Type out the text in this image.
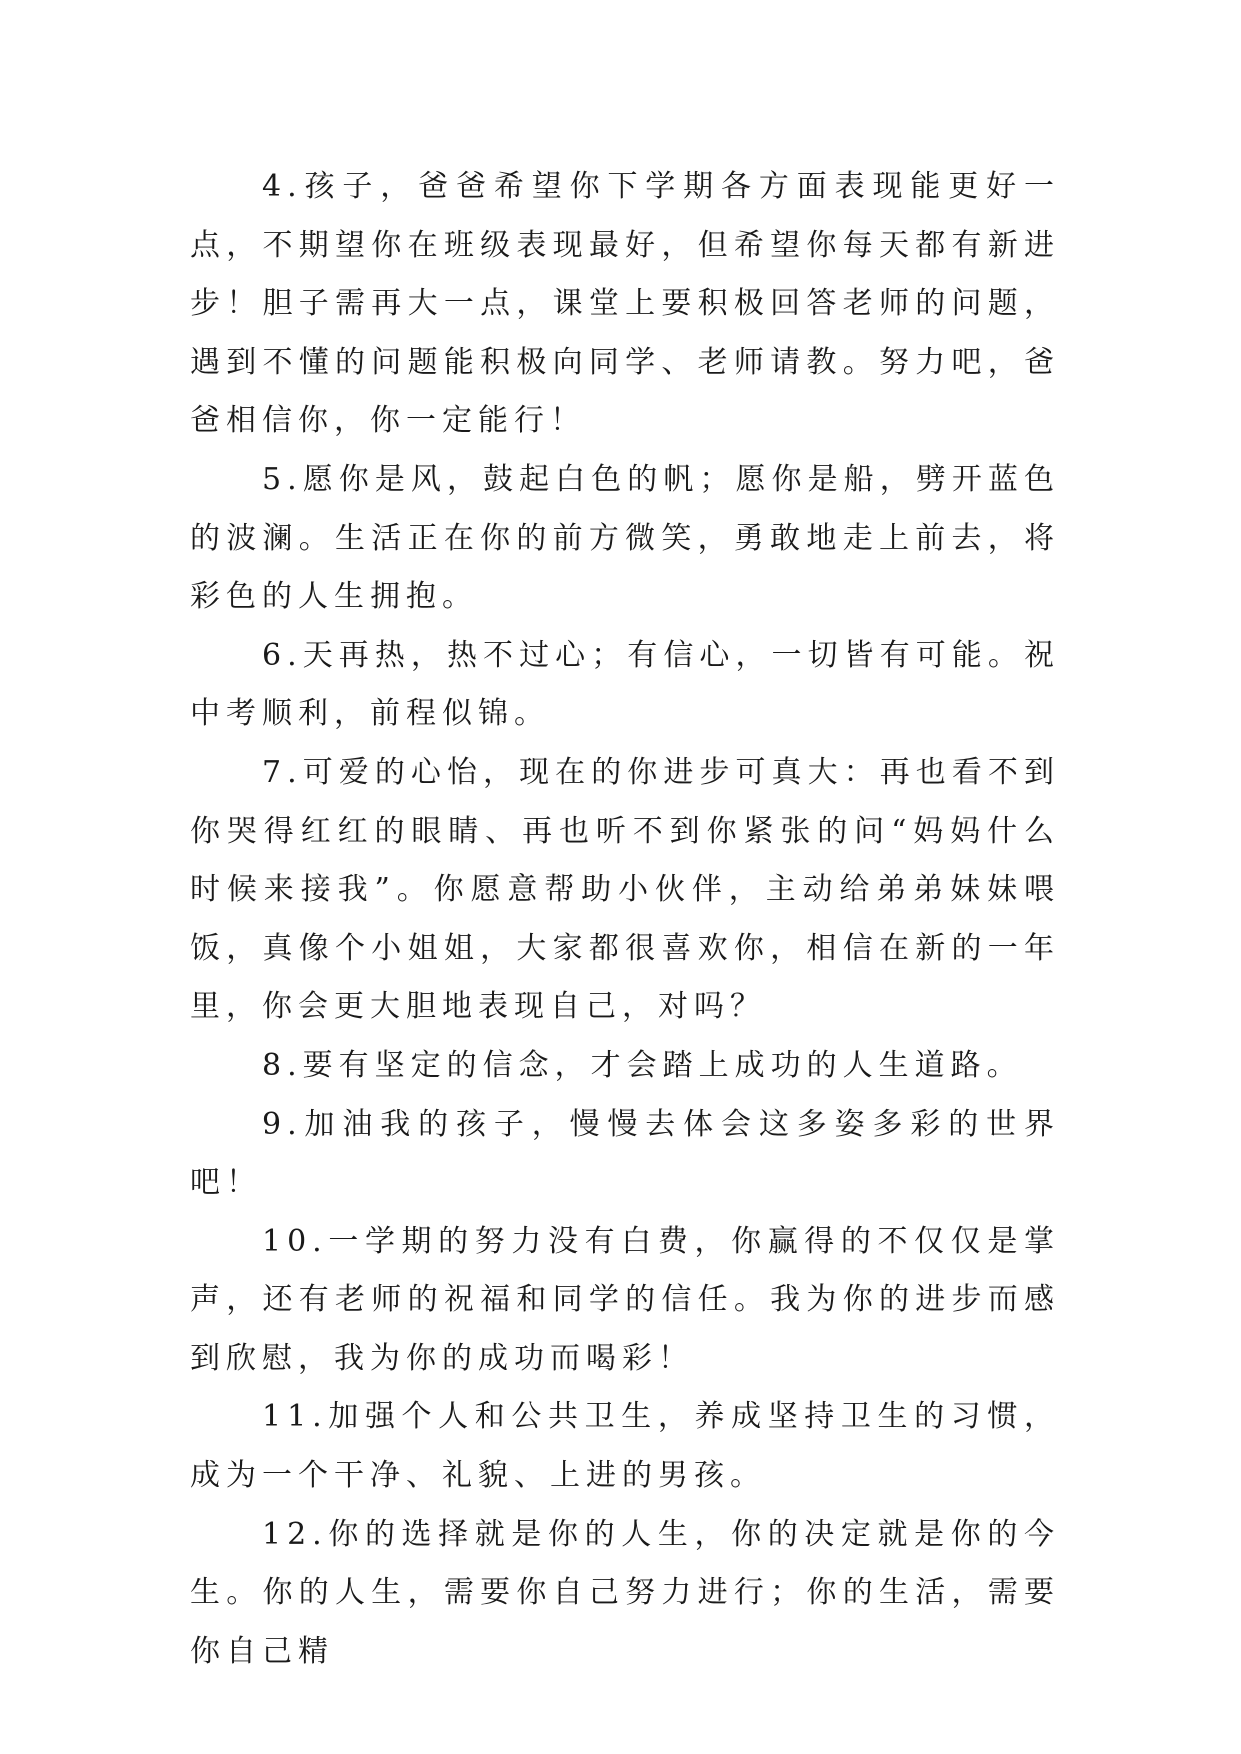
4.孩子，爸爸希望你下学期各方面表现能更好一点，不期望你在班级表现最好，但希望你每天都有新进步！胆子需再大一点，课堂上要积极回答老师的问题，遇到不懂的问题能积极向同学、老师请教。努力吧，爸爸相信你，你一定能行！

5.愿你是风，鼓起白色的帆；愿你是船，劈开蓝色的波澜。生活正在你的前方微笑，勇敢地走上前去，将彩色的人生拥抱。

6.天再热，热不过心；有信心，一切皆有可能。祝中考顺利，前程似锦。

7.可爱的心怡，现在的你进步可真大：再也看不到你哭得红红的眼睛、再也听不到你紧张的问“妈妈什么时候来接我”。你愿意帮助小伙伴，主动给弟弟妹妹喂饭，真像个小姐姐，大家都很喜欢你，相信在新的一年里，你会更大胆地表现自己，对吗？

8.要有坚定的信念，才会踏上成功的人生道路。

9.加油我的孩子，慢慢去体会这多姿多彩的世界吧！

10.一学期的努力没有白费，你赢得的不仅仅是掌声，还有老师的祝福和同学的信任。我为你的进步而感到欣慰，我为你的成功而喝彩！

11.加强个人和公共卫生，养成坚持卫生的习惯，成为一个干净、礼貌、上进的男孩。

12.你的选择就是你的人生，你的决定就是你的今生。你的人生，需要你自己努力进行；你的生活，需要你自己精
